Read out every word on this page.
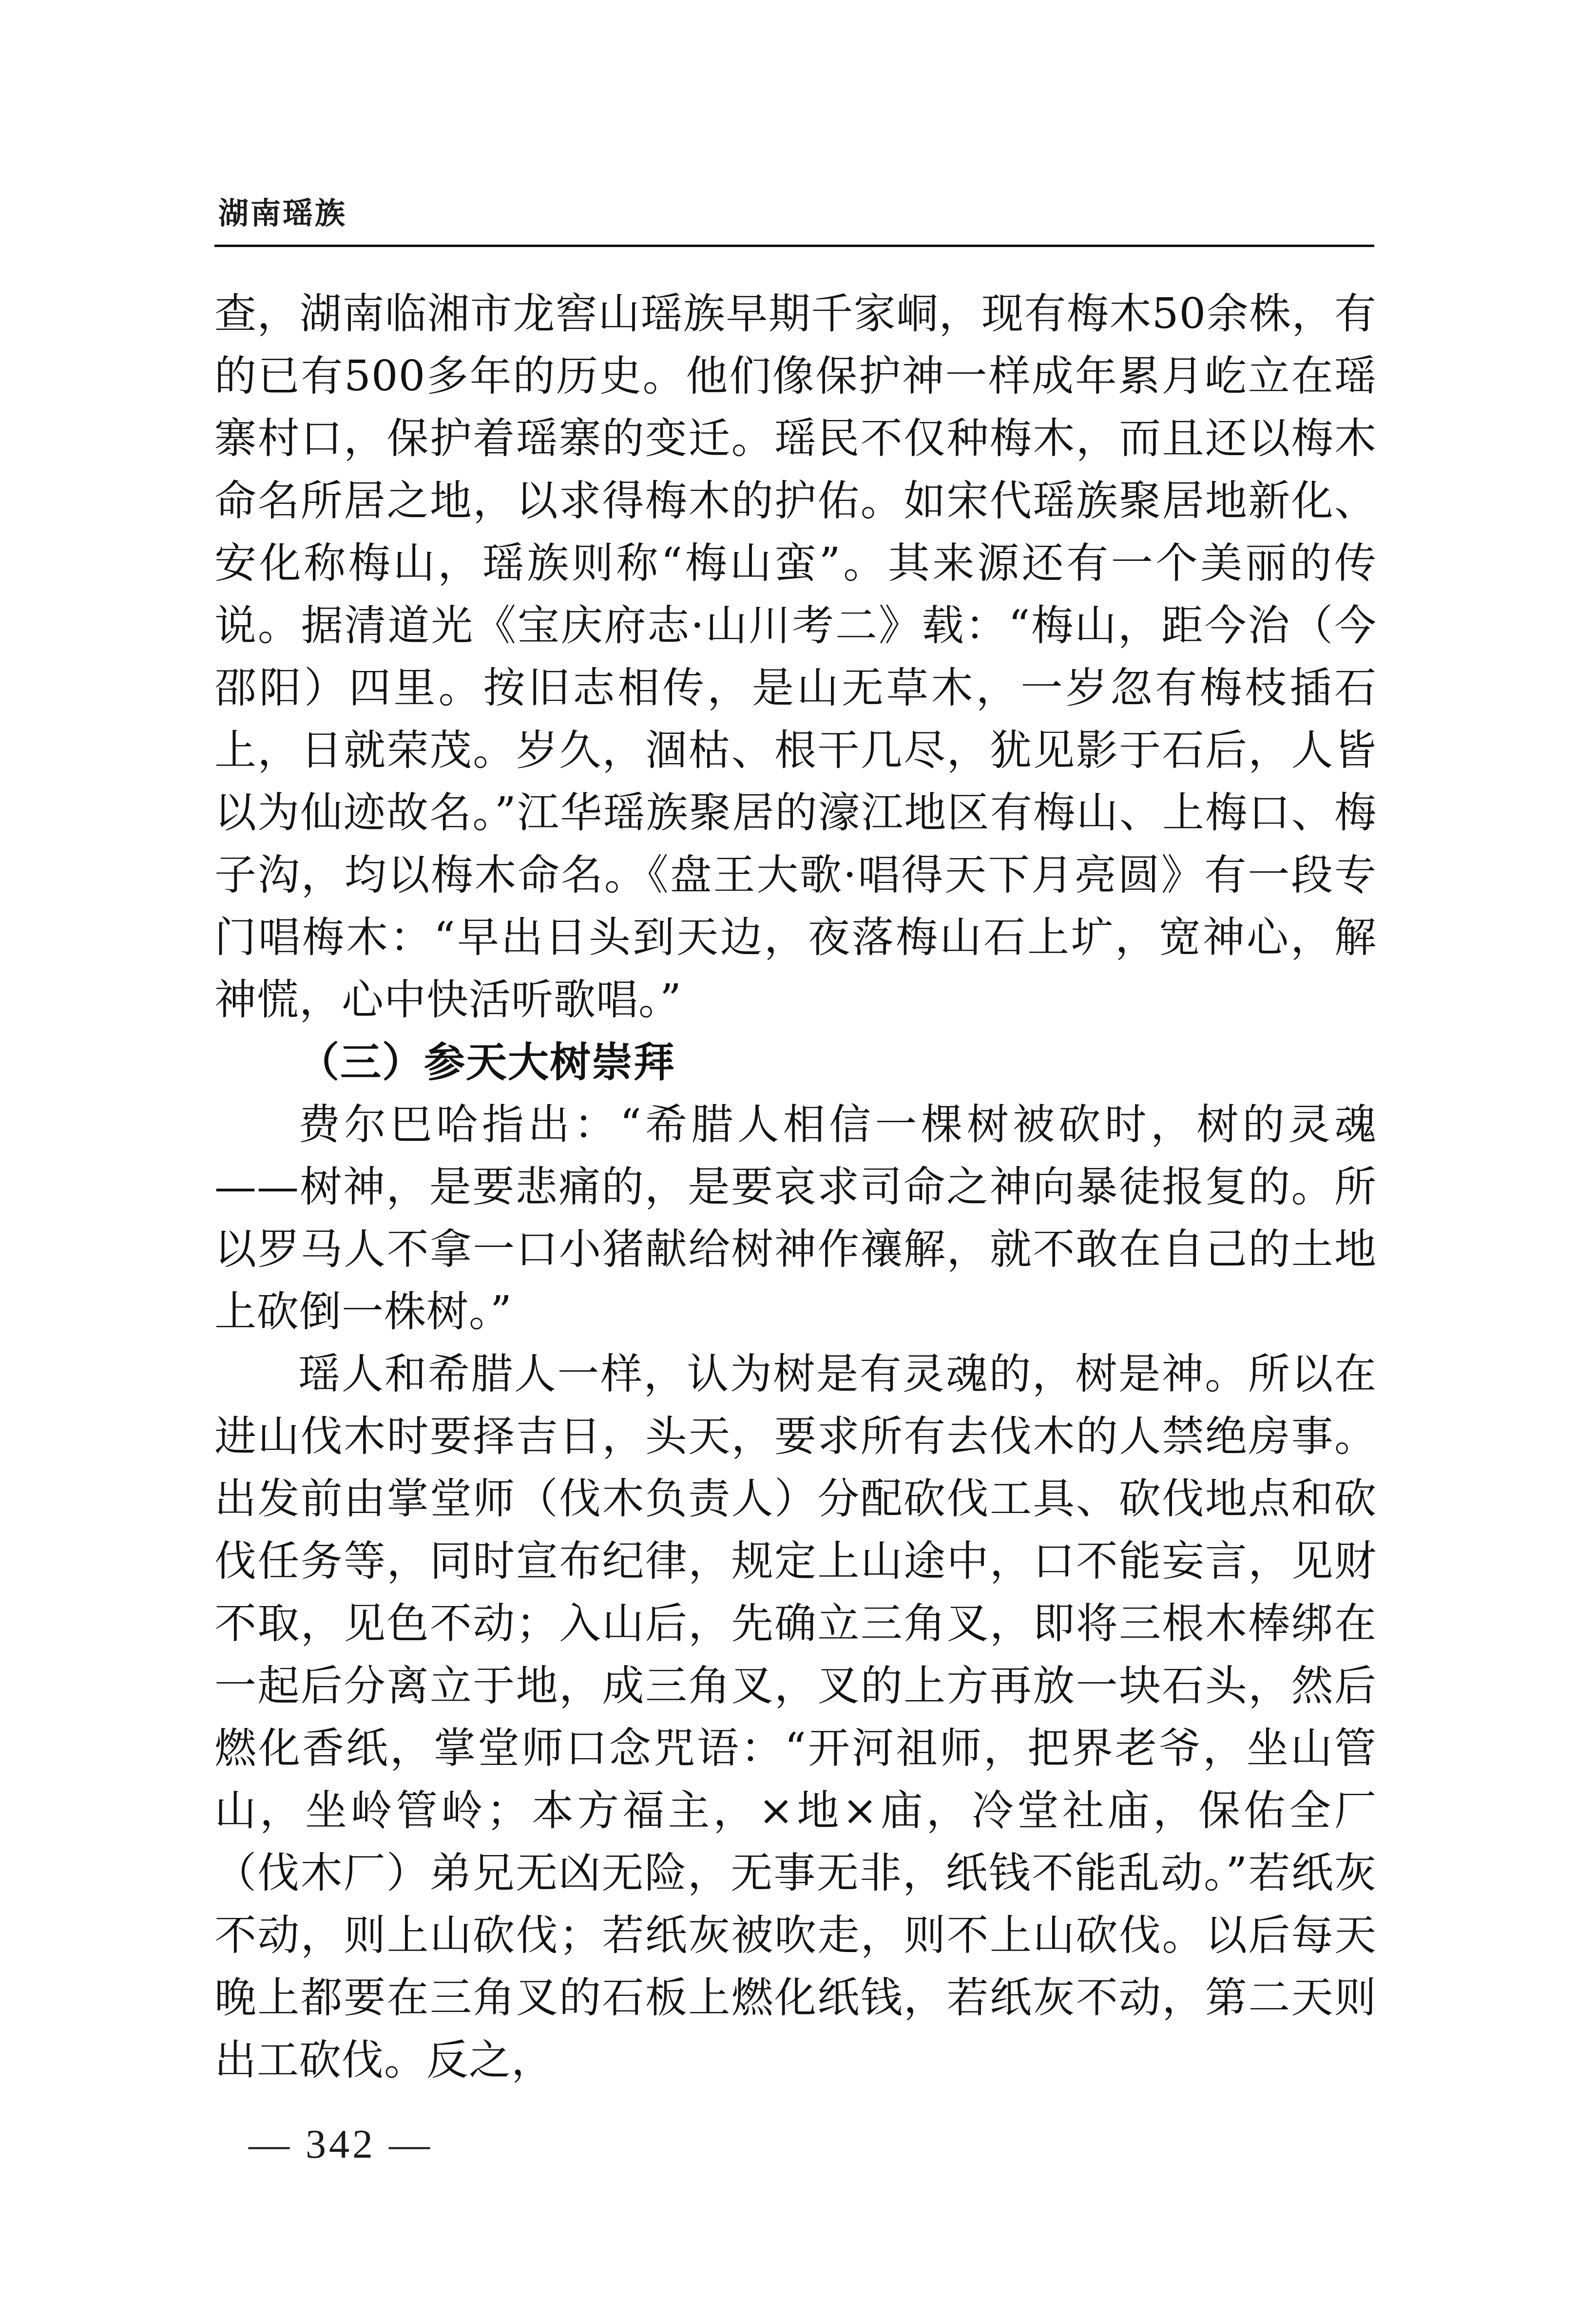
湖南瑶族

查，湖南临湘市龙窖山瑶族早期千家峒，现有梅木50余株，有的已有500多年的历史。他们像保护神一样成年累月屹立在瑶寨村口，保护着瑶寨的变迁。瑶民不仅种梅木，而且还以梅木命名所居之地，以求得梅木的护佑。如宋代瑶族聚居地新化、安化称梅山，瑶族则称“梅山蛮”。其来源还有一个美丽的传说。据清道光《宝庆府志·山川考二》载：“梅山，距今治（今邵阳）四里。按旧志相传，是山无草木，一岁忽有梅枝插石上，日就荣茂。岁久，涸枯、根干几尽，犹见影于石后，人皆以为仙迹故名。”江华瑶族聚居的濠江地区有梅山、上梅口、梅子沟，均以梅木命名。《盘王大歌·唱得天下月亮圆》有一段专门唱梅木：“早出日头到天边，夜落梅山石上圹，宽神心，解神慌，心中快活听歌唱。”

（三）参天大树崇拜

费尔巴哈指出：“希腊人相信一棵树被砍时，树的灵魂——树神，是要悲痛的，是要哀求司命之神向暴徒报复的。所以罗马人不拿一口小猪献给树神作禳解，就不敢在自己的土地上砍倒一株树。”

瑶人和希腊人一样，认为树是有灵魂的，树是神。所以在进山伐木时要择吉日，头天，要求所有去伐木的人禁绝房事。出发前由掌堂师（伐木负责人）分配砍伐工具、砍伐地点和砍伐任务等，同时宣布纪律，规定上山途中，口不能妄言，见财不取，见色不动；入山后，先确立三角叉，即将三根木棒绑在一起后分离立于地，成三角叉，叉的上方再放一块石头，然后燃化香纸，掌堂师口念咒语：“开河祖师，把界老爷，坐山管山，坐岭管岭；本方福主，×地×庙，冷堂社庙，保佑全厂（伐木厂）弟兄无凶无险，无事无非，纸钱不能乱动。”若纸灰不动，则上山砍伐；若纸灰被吹走，则不上山砍伐。以后每天晚上都要在三角叉的石板上燃化纸钱，若纸灰不动，第二天则出工砍伐。反之，

— 342 —
